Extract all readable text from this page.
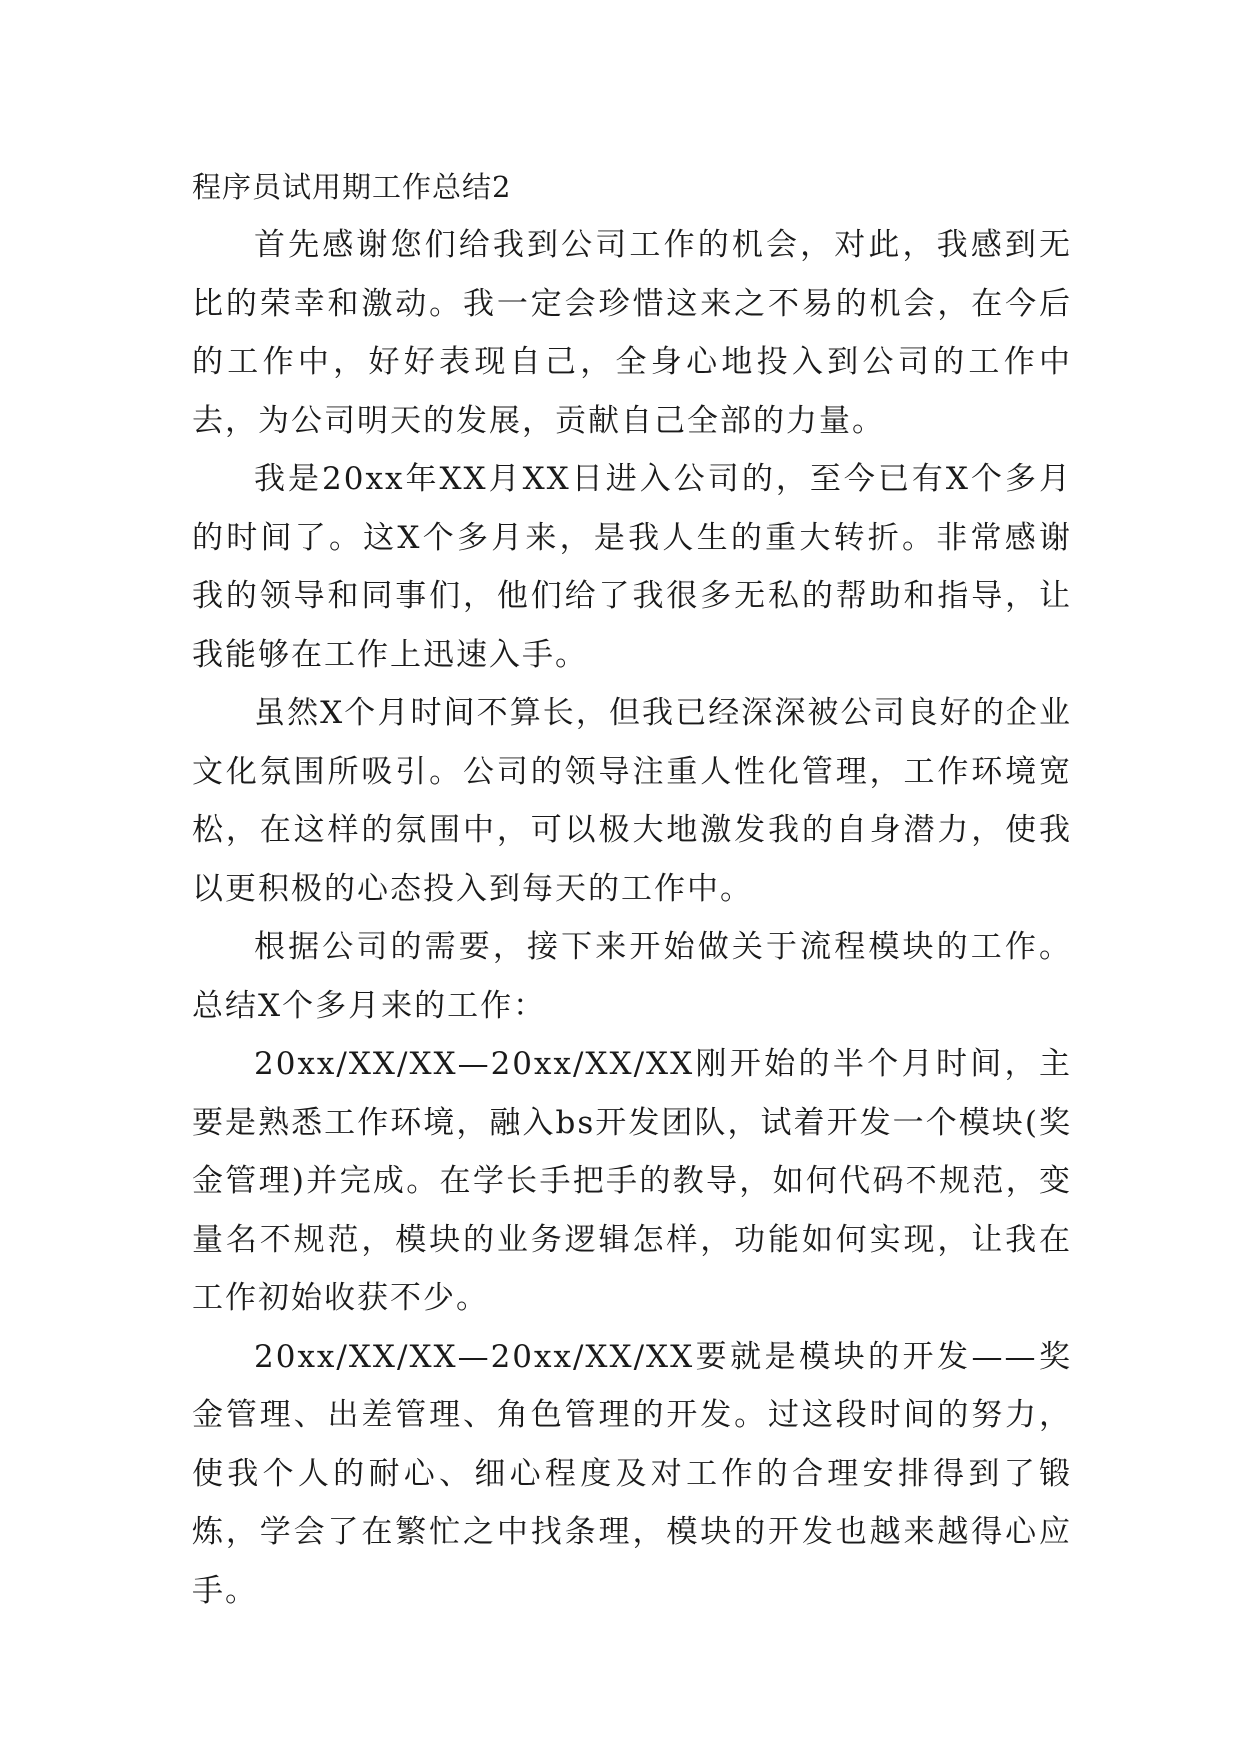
程序员试用期工作总结2

首先感谢您们给我到公司工作的机会，对此，我感到无比的荣幸和激动。我一定会珍惜这来之不易的机会，在今后的工作中，好好表现自己，全身心地投入到公司的工作中去，为公司明天的发展，贡献自己全部的力量。

我是20xx年XX月XX日进入公司的，至今已有X个多月的时间了。这X个多月来，是我人生的重大转折。非常感谢我的领导和同事们，他们给了我很多无私的帮助和指导，让我能够在工作上迅速入手。

虽然X个月时间不算长，但我已经深深被公司良好的企业文化氛围所吸引。公司的领导注重人性化管理，工作环境宽松，在这样的氛围中，可以极大地激发我的自身潜力，使我以更积极的心态投入到每天的工作中。

根据公司的需要，接下来开始做关于流程模块的工作。总结X个多月来的工作：

20xx/XX/XX—20xx/XX/XX刚开始的半个月时间，主要是熟悉工作环境，融入bs开发团队，试着开发一个模块(奖金管理)并完成。在学长手把手的教导，如何代码不规范，变量名不规范，模块的业务逻辑怎样，功能如何实现，让我在工作初始收获不少。

20xx/XX/XX—20xx/XX/XX要就是模块的开发——奖金管理、出差管理、角色管理的开发。过这段时间的努力，使我个人的耐心、细心程度及对工作的合理安排得到了锻炼，学会了在繁忙之中找条理，模块的开发也越来越得心应手。
